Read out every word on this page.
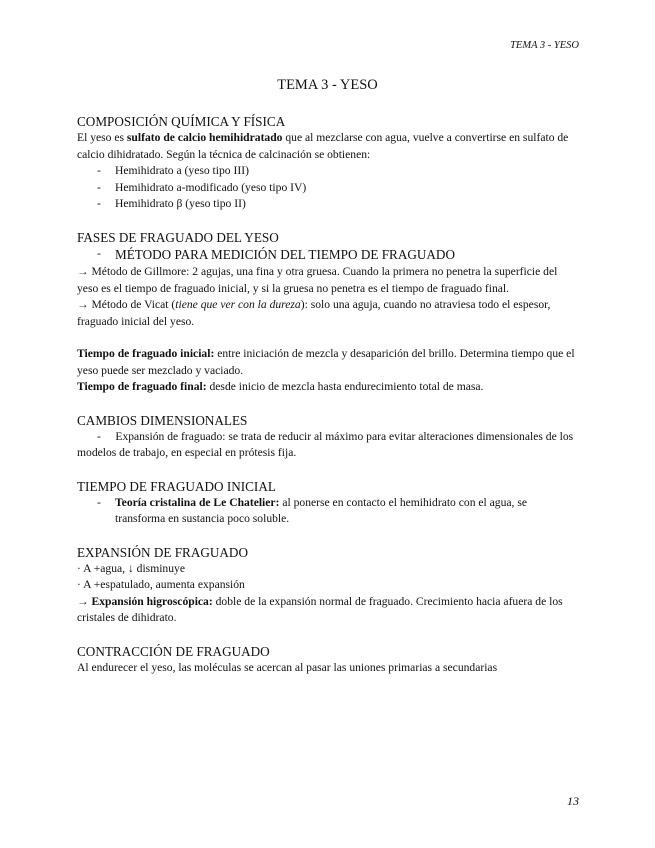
TEMA 3 - YESO
TEMA 3 - YESO
COMPOSICIÓN QUÍMICA Y FÍSICA

El yeso es sulfato de calcio hemihidratado que al mezclarse con agua, vuelve a convertirse en sulfato de calcio dihidratado. Según la técnica de calcinación se obtienen:

- Hemihidrato a (yeso tipo III)
- Hemihidrato a-modificado (yeso tipo IV)
- Hemihidrato β (yeso tipo II)
FASES DE FRAGUADO DEL YESO
- MÉTODO PARA MEDICIÓN DEL TIEMPO DE FRAGUADO

→ Método de Gillmore: 2 agujas, una fina y otra gruesa. Cuando la primera no penetra la superficie del yeso es el tiempo de fraguado inicial, y si la gruesa no penetra es el tiempo de fraguado final.

→ Método de Vicat (tiene que ver con la dureza): solo una aguja, cuando no atraviesa todo el espesor, fraguado inicial del yeso.

Tiempo de fraguado inicial: entre iniciación de mezcla y desaparición del brillo. Determina tiempo que el yeso puede ser mezclado y vaciado.

Tiempo de fraguado final: desde inicio de mezcla hasta endurecimiento total de masa.

CAMBIOS DIMENSIONALES

-     Expansión de fraguado: se trata de reducir al máximo para evitar alteraciones dimensionales de los modelos de trabajo, en especial en prótesis fija.

TIEMPO DE FRAGUADO INICIAL
- Teoría cristalina de Le Chatelier: al ponerse en contacto el hemihidrato con el agua, se transforma en sustancia poco soluble.
EXPANSIÓN DE FRAGUADO

· A +agua, ↓ disminuye

· A +espatulado, aumenta expansión

→ Expansión higroscópica: doble de la expansión normal de fraguado. Crecimiento hacia afuera de los cristales de dihidrato.

CONTRACCIÓN DE FRAGUADO

Al endurecer el yeso, las moléculas se acercan al pasar las uniones primarias a secundarias

13
